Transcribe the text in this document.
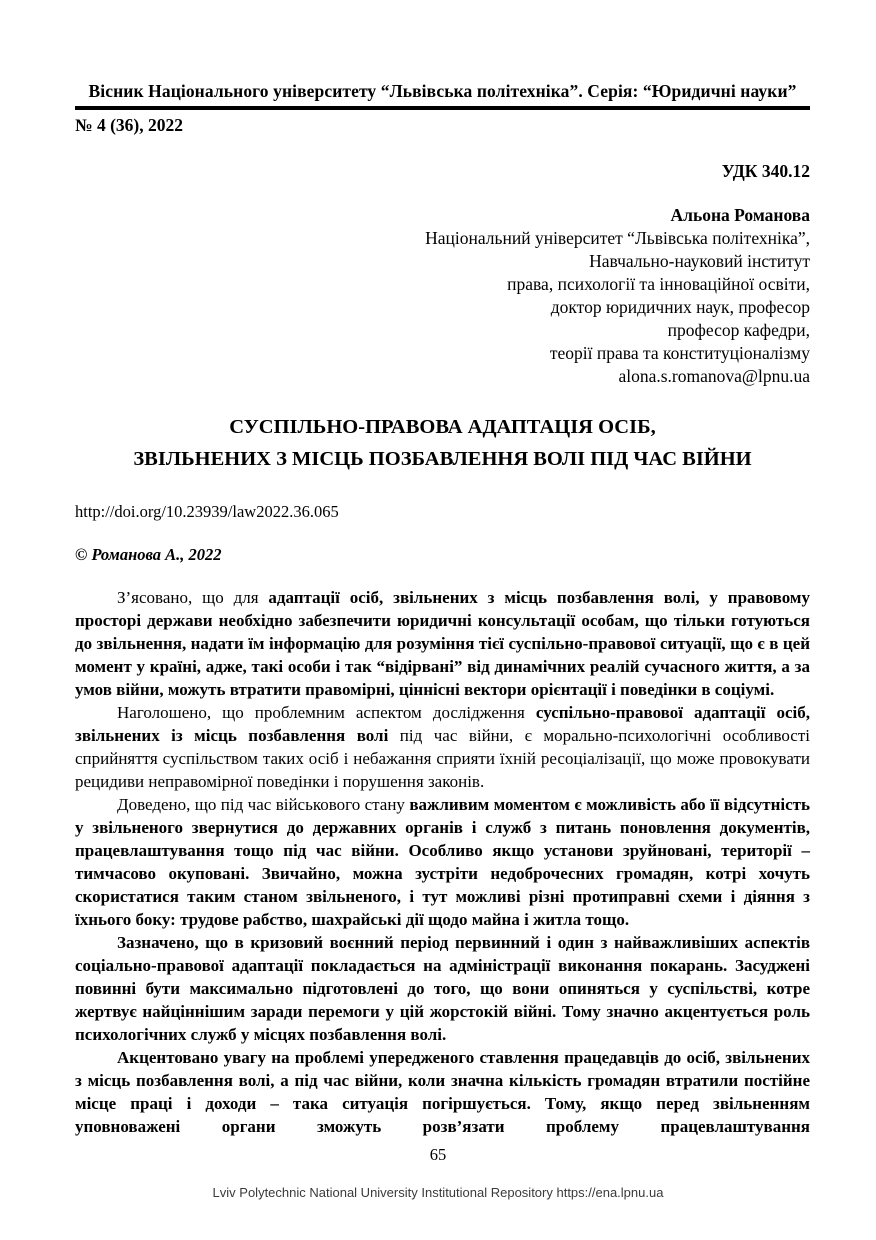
Вісник Національного університету “Львівська політехніка”. Серія: “Юридичні науки”
№ 4 (36), 2022
УДК 340.12
Альона Романова
Національний університет “Львівська політехніка”,
Навчально-науковий інститут
права, психології та інноваційної освіти,
доктор юридичних наук, професор
професор кафедри,
теорії права та конституціоналізму
alona.s.romanova@lpnu.ua
СУСПІЛЬНО-ПРАВОВА АДАПТАЦІЯ ОСІБ,
ЗВІЛЬНЕНИХ З МІСЦЬ ПОЗБАВЛЕННЯ ВОЛІ ПІД ЧАС ВІЙНИ
http://doi.org/10.23939/law2022.36.065
© Романова А., 2022

З’ясовано, що для адаптації осіб, звільнених з місць позбавлення волі, у правовому просторі держави необхідно забезпечити юридичні консультації особам, що тільки готуються до звільнення, надати їм інформацію для розуміння тієї суспільно-правової ситуації, що є в цей момент у країні, адже, такі особи і так “відірвані” від динамічних реалій сучасного життя, а за умов війни, можуть втратити правомірні, ціннісні вектори орієнтації і поведінки в соціумі.

Наголошено, що проблемним аспектом дослідження суспільно-правової адаптації осіб, звільнених із місць позбавлення волі під час війни, є морально-психологічні особливості сприйняття суспільством таких осіб і небажання сприяти їхній ресоціалізації, що може провокувати рецидиви неправомірної поведінки і порушення законів.

Доведено, що під час військового стану важливим моментом є можливість або її відсутність у звільненого звернутися до державних органів і служб з питань поновлення документів, працевлаштування тощо під час війни. Особливо якщо установи зруйновані, території – тимчасово окуповані. Звичайно, можна зустріти недоброчесних громадян, котрі хочуть скористатися таким станом звільненого, і тут можливі різні протиправні схеми і діяння з їхнього боку: трудове рабство, шахрайські дії щодо майна і житла тощо.

Зазначено, що в кризовий воєнний період первинний і один з найважливіших аспектів соціально-правової адаптації покладається на адміністрації виконання покарань. Засуджені повинні бути максимально підготовлені до того, що вони опиняться у суспільстві, котре жертвує найціннішим заради перемоги у цій жорстокій війні. Тому значно акцентується роль психологічних служб у місцях позбавлення волі.

Акцентовано увагу на проблемі упередженого ставлення працедавців до осіб, звільнених з місць позбавлення волі, а під час війни, коли значна кількість громадян втратили постійне місце праці і доходи – така ситуація погіршується. Тому, якщо перед звільненням уповноважені органи зможуть розв’язати проблему працевлаштування

65
Lviv Polytechnic National University Institutional Repository https://ena.lpnu.ua
